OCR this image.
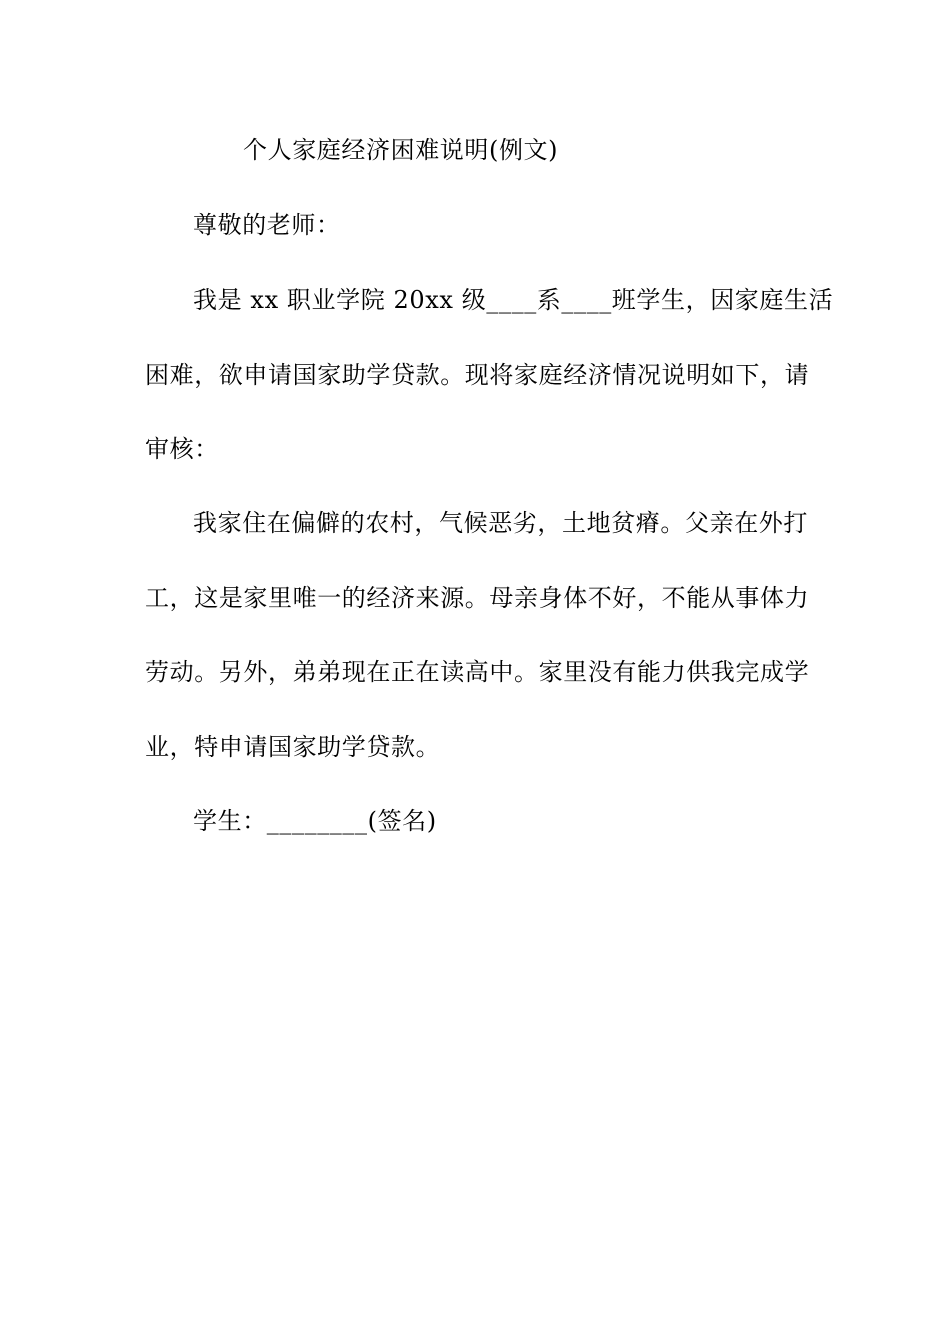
个人家庭经济困难说明(例文)
尊敬的老师：
我是 xx 职业学院 20xx 级____系____班学生，因家庭生活
困难，欲申请国家助学贷款。现将家庭经济情况说明如下，请
审核：
我家住在偏僻的农村，气候恶劣，土地贫瘠。父亲在外打
工，这是家里唯一的经济来源。母亲身体不好，不能从事体力
劳动。另外，弟弟现在正在读高中。家里没有能力供我完成学
业，特申请国家助学贷款。
学生：________(签名)
